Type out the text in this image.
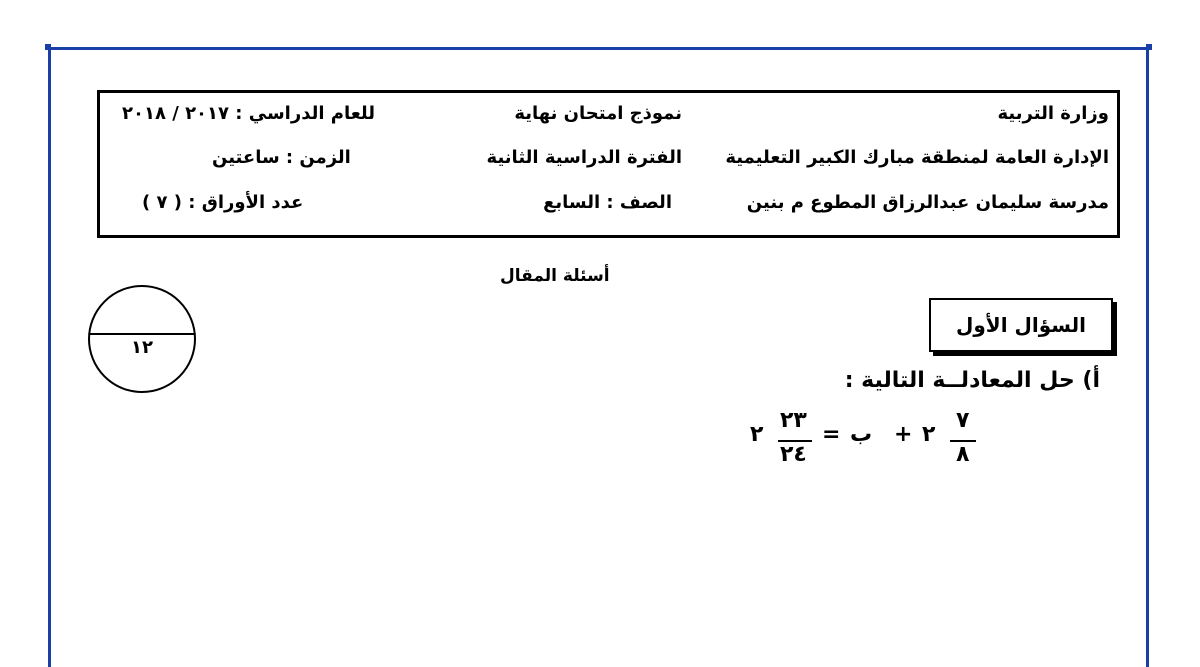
وزارة التربية
الإدارة العامة لمنطقة مبارك الكبير التعليمية
مدرسة سليمان عبدالرزاق المطوع م بنين
نموذج امتحان نهاية
الفترة الدراسية الثانية
الصف : السابع
للعام الدراسي : ٢٠١٧ / ٢٠١٨
الزمن : ساعتين
عدد الأوراق : ( ٧ )
أسئلة المقال
١٢
السؤال الأول
أ) حل المعادلــة التالية :
٢
٢٣
٢٤
= ب + ٢
٧
٨
